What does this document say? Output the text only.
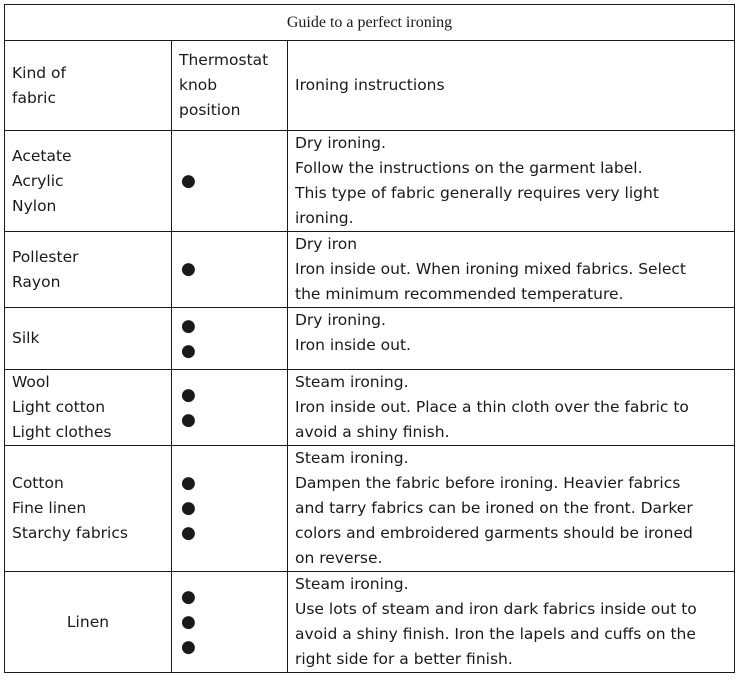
Guide to a perfect ironing		

Kind of
fabric	Thermostat
knob
position	Ironing instructions

Acetate
Acrylic
Nylon	●	Dry ironing.
Follow the instructions on the garment label.
This type of fabric generally requires very light
ironing.

Pollester
Rayon	●	Dry iron
Iron inside out. When ironing mixed fabrics. Select
the minimum recommended temperature.

Silk	●
●	Dry ironing.
Iron inside out.

Wool
Light cotton
Light clothes	●
●	Steam ironing.
Iron inside out. Place a thin cloth over the fabric to
avoid a shiny finish.

Cotton
Fine linen
Starchy fabrics	●
●
●	Steam ironing.
Dampen the fabric before ironing. Heavier fabrics
and tarry fabrics can be ironed on the front. Darker
colors and embroidered garments should be ironed
on reverse.

Linen	●
●
●	Steam ironing.
Use lots of steam and iron dark fabrics inside out to
avoid a shiny finish. Iron the lapels and cuffs on the
right side for a better finish.
